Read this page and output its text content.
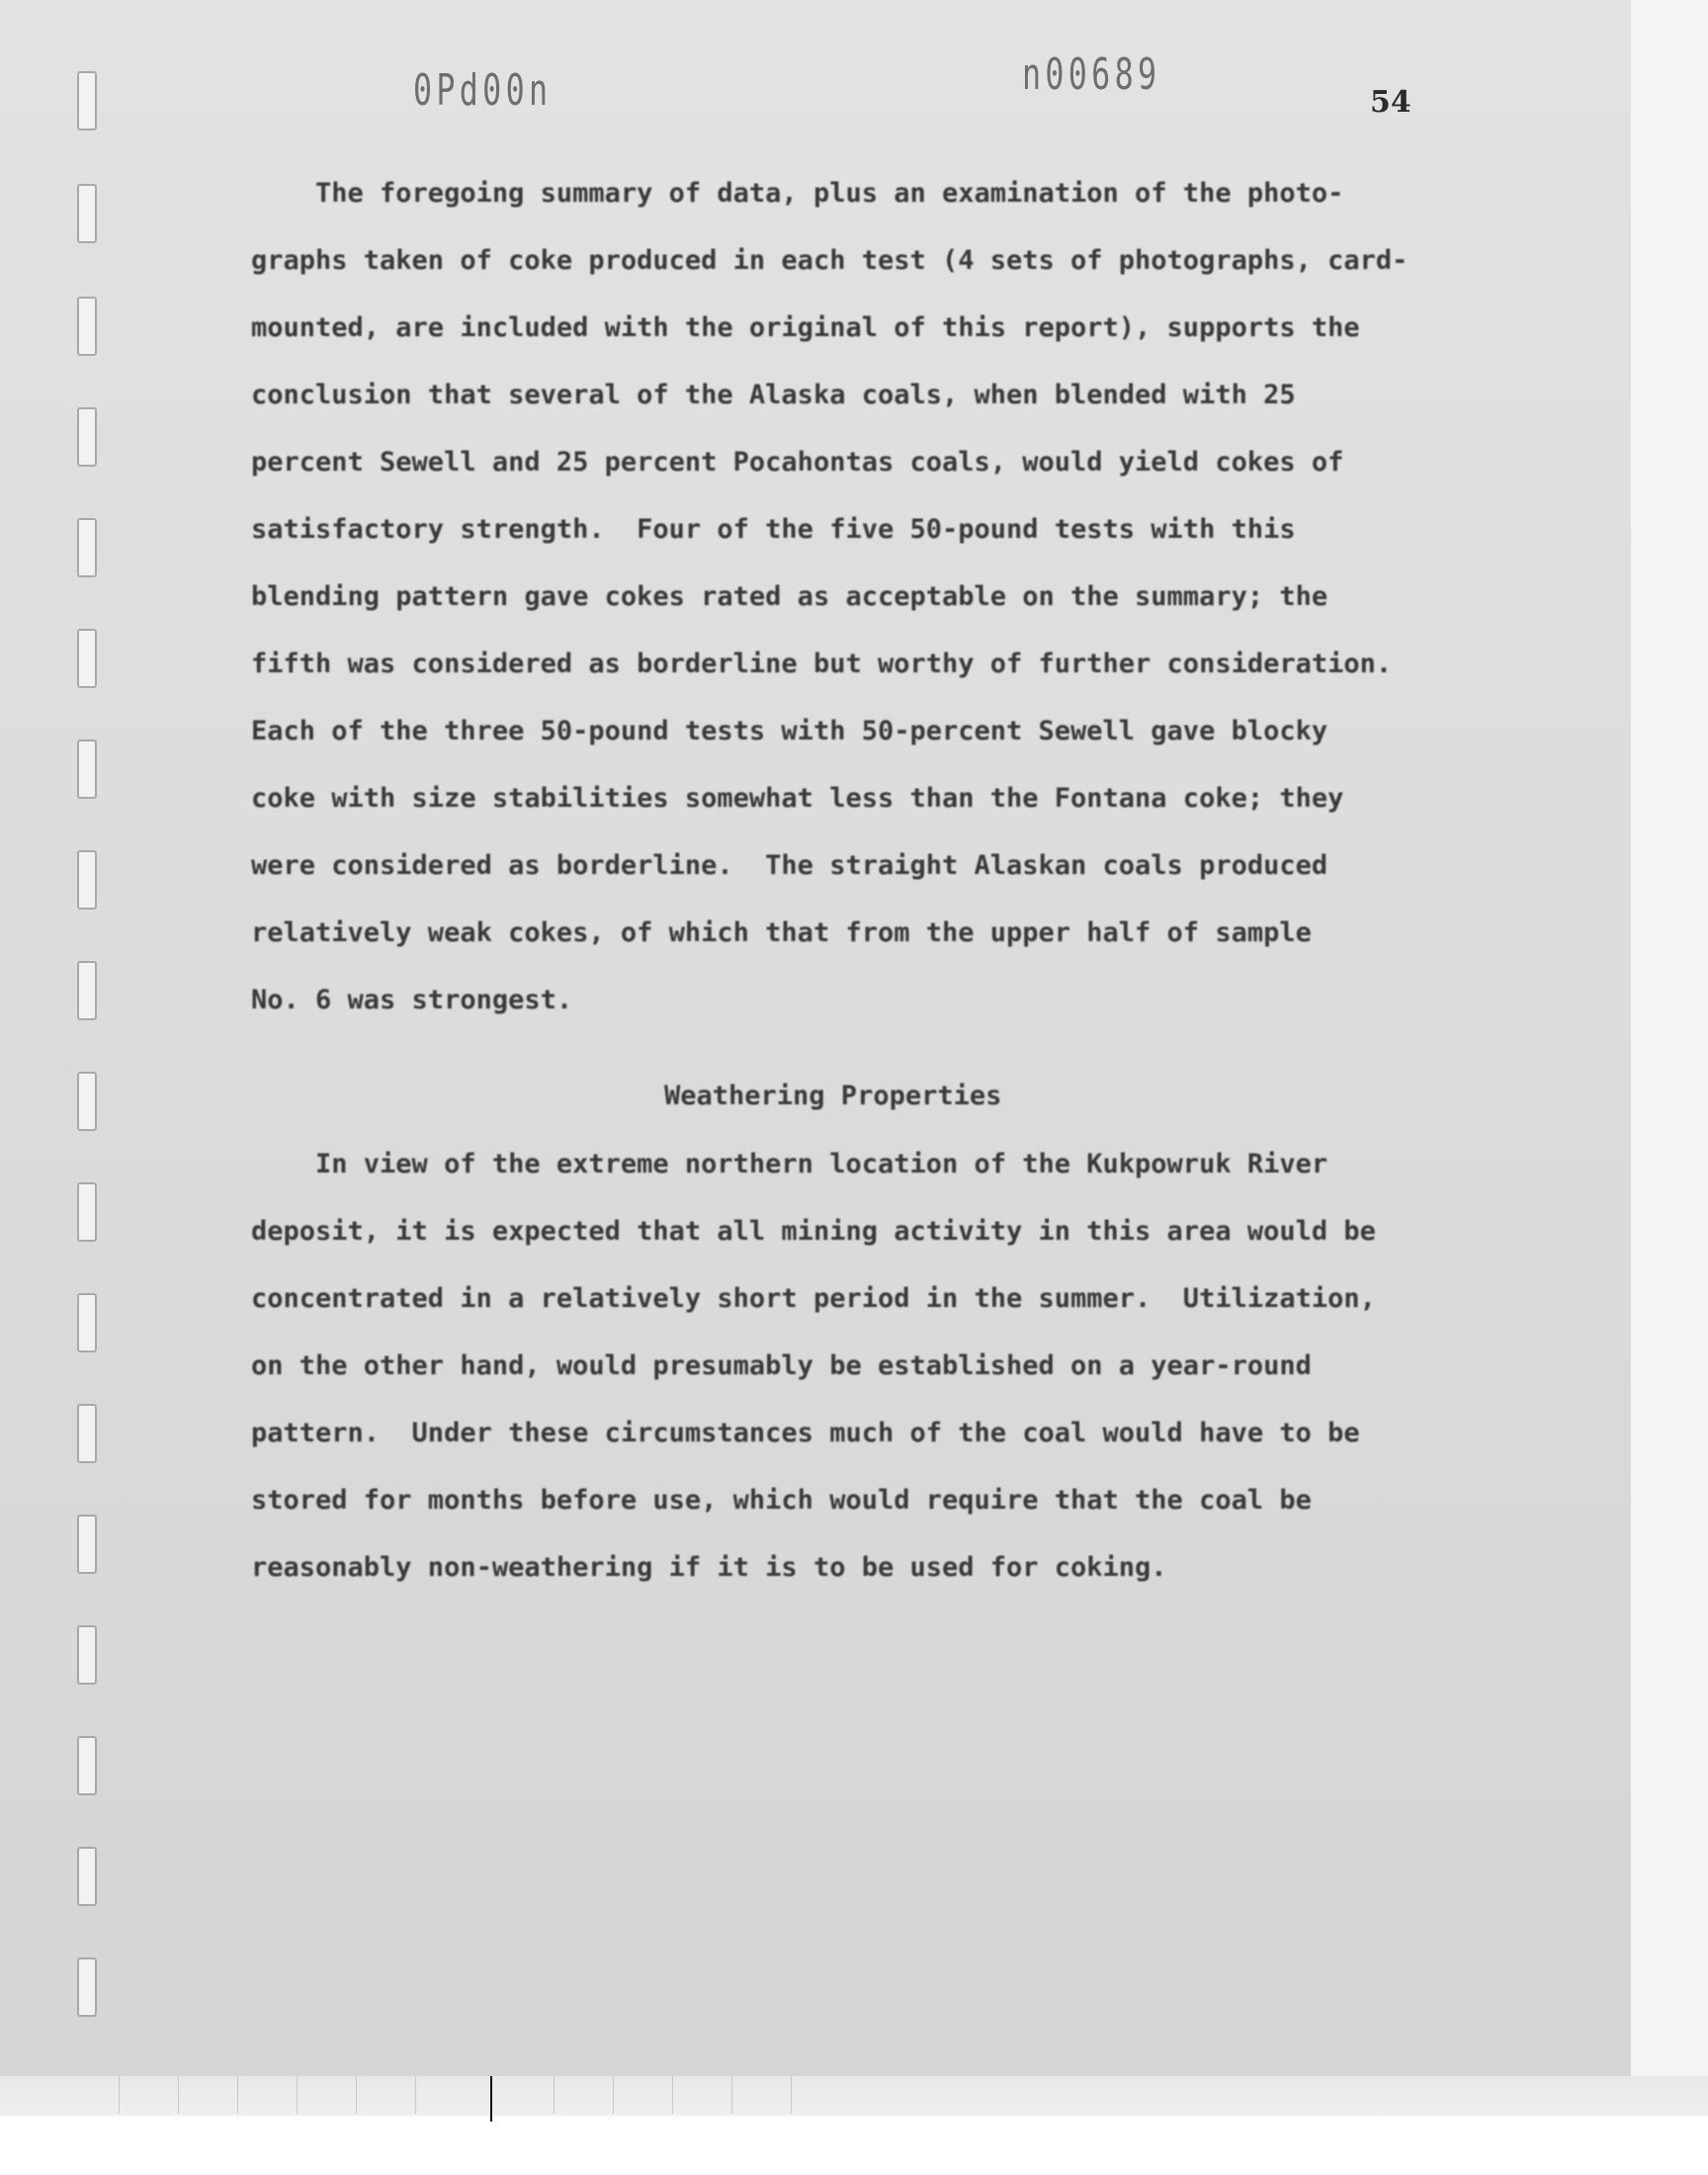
0Pd00n	n00689
54
The foregoing summary of data, plus an examination of the photo-
graphs taken of coke produced in each test (4 sets of photographs, card-
mounted, are included with the original of this report), supports the
conclusion that several of the Alaska coals, when blended with 25
percent Sewell and 25 percent Pocahontas coals, would yield cokes of
satisfactory strength.  Four of the five 50-pound tests with this
blending pattern gave cokes rated as acceptable on the summary; the
fifth was considered as borderline but worthy of further consideration.
Each of the three 50-pound tests with 50-percent Sewell gave blocky
coke with size stabilities somewhat less than the Fontana coke; they
were considered as borderline.  The straight Alaskan coals produced
relatively weak cokes, of which that from the upper half of sample
No. 6 was strongest.
Weathering Properties
In view of the extreme northern location of the Kukpowruk River
deposit, it is expected that all mining activity in this area would be
concentrated in a relatively short period in the summer.  Utilization,
on the other hand, would presumably be established on a year-round
pattern.  Under these circumstances much of the coal would have to be
stored for months before use, which would require that the coal be
reasonably non-weathering if it is to be used for coking.
